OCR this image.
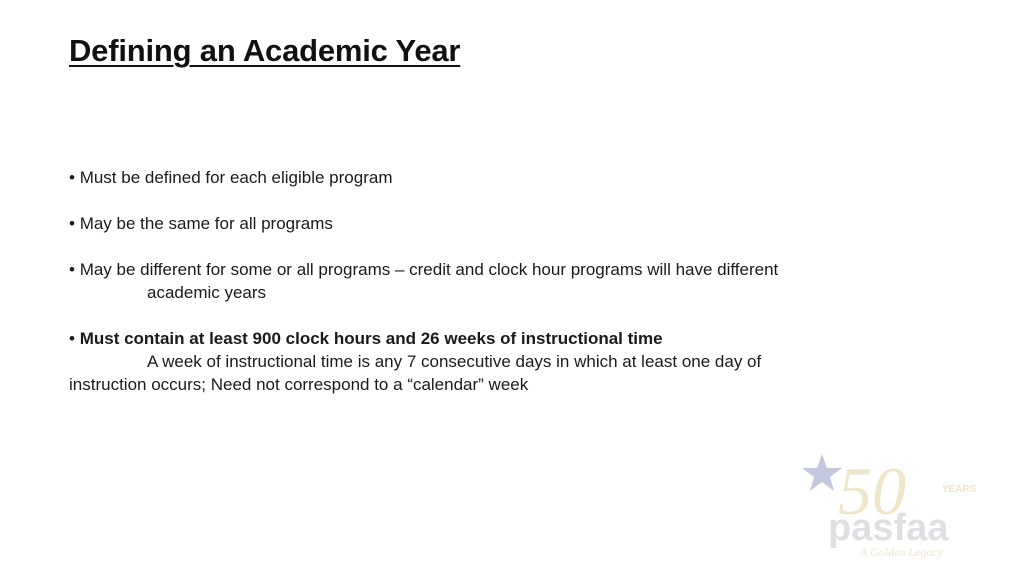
Defining an Academic Year

• Must be defined for each eligible program

• May be the same for all programs

• May be different for some or all programs – credit and clock hour programs will have different
academic years

• Must contain at least 900 clock hours and 26 weeks of instructional time
A week of instructional time is any 7 consecutive days in which at least one day of
instruction occurs; Need not correspond to a “calendar” week

50	YEARS
pasfaa
A Golden Legacy
